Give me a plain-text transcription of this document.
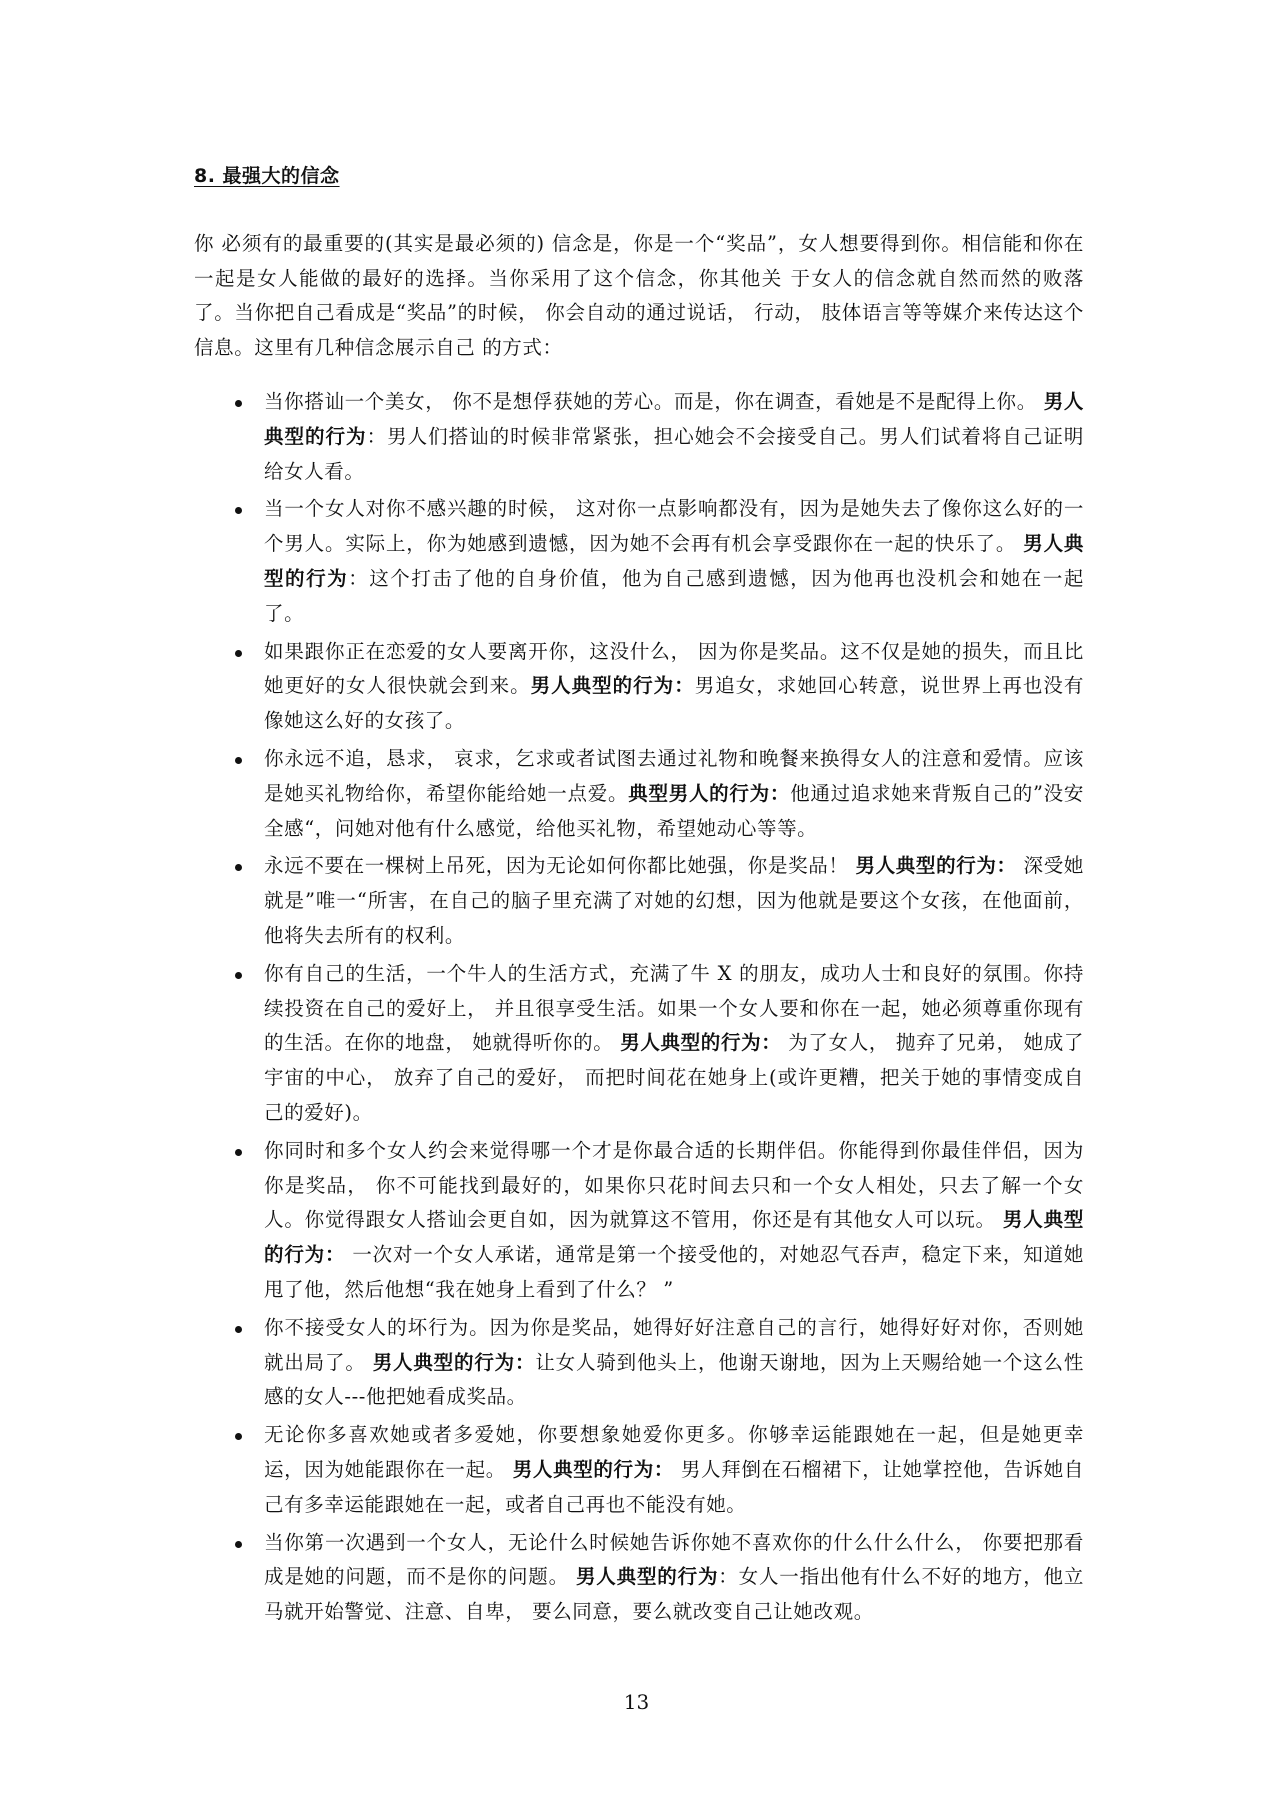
8. 最强大的信念

你 必须有的最重要的(其实是最必须的) 信念是，你是一个“奖品”，女人想要得到你。相信能和你在一起是女人能做的最好的选择。当你采用了这个信念，你其他关 于女人的信念就自然而然的败落了。当你把自己看成是“奖品”的时候， 你会自动的通过说话， 行动， 肢体语言等等媒介来传达这个信息。这里有几种信念展示自己 的方式：

当你搭讪一个美女， 你不是想俘获她的芳心。而是，你在调查，看她是不是配得上你。 男人典型的行为：男人们搭讪的时候非常紧张，担心她会不会接受自己。男人们试着将自己证明给女人看。
当一个女人对你不感兴趣的时候， 这对你一点影响都没有，因为是她失去了像你这么好的一个男人。实际上，你为她感到遗憾，因为她不会再有机会享受跟你在一起的快乐了。 男人典型的行为：这个打击了他的自身价值，他为自己感到遗憾，因为他再也没机会和她在一起了。
如果跟你正在恋爱的女人要离开你，这没什么， 因为你是奖品。这不仅是她的损失，而且比她更好的女人很快就会到来。男人典型的行为：男追女，求她回心转意，说世界上再也没有像她这么好的女孩了。
你永远不追，恳求， 哀求，乞求或者试图去通过礼物和晚餐来换得女人的注意和爱情。应该是她买礼物给你，希望你能给她一点爱。典型男人的行为：他通过追求她来背叛自己的”没安全感“，问她对他有什么感觉，给他买礼物，希望她动心等等。
永远不要在一棵树上吊死，因为无论如何你都比她强，你是奖品！ 男人典型的行为： 深受她就是”唯一“所害，在自己的脑子里充满了对她的幻想，因为他就是要这个女孩，在他面前， 他将失去所有的权利。
你有自己的生活，一个牛人的生活方式，充满了牛 X 的朋友，成功人士和良好的氛围。你持续投资在自己的爱好上， 并且很享受生活。如果一个女人要和你在一起，她必须尊重你现有的生活。在你的地盘， 她就得听你的。 男人典型的行为： 为了女人， 抛弃了兄弟， 她成了宇宙的中心， 放弃了自己的爱好， 而把时间花在她身上(或许更糟，把关于她的事情变成自己的爱好)。
你同时和多个女人约会来觉得哪一个才是你最合适的长期伴侣。你能得到你最佳伴侣，因为你是奖品， 你不可能找到最好的，如果你只花时间去只和一个女人相处，只去了解一个女人。你觉得跟女人搭讪会更自如，因为就算这不管用，你还是有其他女人可以玩。 男人典型的行为： 一次对一个女人承诺，通常是第一个接受他的，对她忍气吞声，稳定下来，知道她甩了他，然后他想“我在她身上看到了什么？ ”
你不接受女人的坏行为。因为你是奖品，她得好好注意自己的言行，她得好好对你，否则她就出局了。 男人典型的行为：让女人骑到他头上，他谢天谢地，因为上天赐给她一个这么性感的女人---他把她看成奖品。
无论你多喜欢她或者多爱她，你要想象她爱你更多。你够幸运能跟她在一起，但是她更幸运，因为她能跟你在一起。 男人典型的行为： 男人拜倒在石榴裙下，让她掌控他，告诉她自己有多幸运能跟她在一起，或者自己再也不能没有她。
当你第一次遇到一个女人，无论什么时候她告诉你她不喜欢你的什么什么什么， 你要把那看成是她的问题，而不是你的问题。 男人典型的行为：女人一指出他有什么不好的地方，他立马就开始警觉、注意、自卑， 要么同意，要么就改变自己让她改观。

13
